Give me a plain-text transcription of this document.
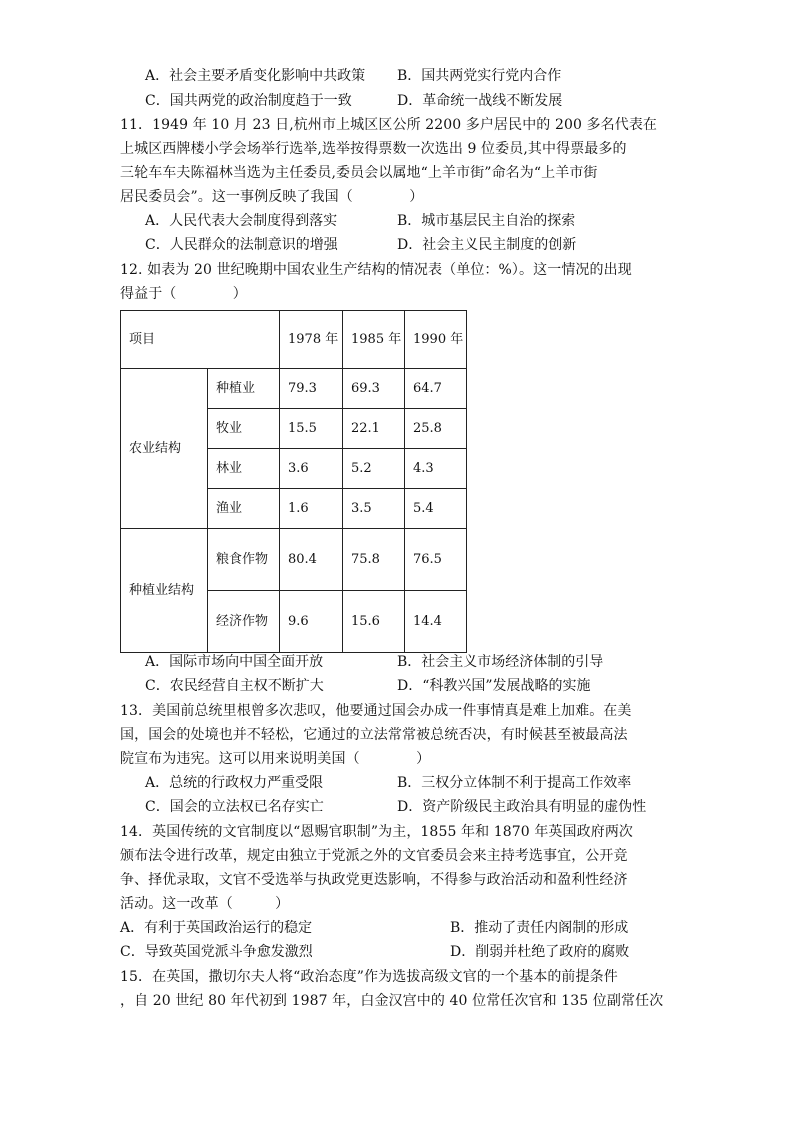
A．社会主要矛盾变化影响中共政策 B．国共两党实行党内合作
C．国共两党的政治制度趋于一致	D．革命统一战线不断发展
11．1949 年 10 月 23 日,杭州市上城区区公所 2200 多户居民中的 200 多名代表在
上城区西牌楼小学会场举行选举,选举按得票数一次选出 9 位委员,其中得票最多的
三轮车车夫陈福林当选为主任委员,委员会以属地“上羊市街”命名为“上羊市街
居民委员会”。这一事例反映了我国（　　　　）
A．人民代表大会制度得到落实	B．城市基层民主自治的探索
C．人民群众的法制意识的增强	D．社会主义民主制度的创新
12. 如表为 20 世纪晚期中国农业生产结构的情况表（单位：%）。这一情况的出现
得益于（　　　　）
项目		1978 年	1985 年	1990 年
农业结构	种植业	79.3	69.3	64.7
	牧业	15.5	22.1	25.8
	林业	3.6	5.2	4.3
	渔业	1.6	3.5	5.4
种植业结构	粮食作物	80.4	75.8	76.5
	经济作物	9.6	15.6	14.4
A．国际市场向中国全面开放	B．社会主义市场经济体制的引导
C．农民经营自主权不断扩大	D．“科教兴国”发展战略的实施
13．美国前总统里根曾多次悲叹，他要通过国会办成一件事情真是难上加难。在美
国，国会的处境也并不轻松，它通过的立法常常被总统否决，有时候甚至被最高法
院宣布为违宪。这可以用来说明美国（　　　　）
A．总统的行政权力严重受限	B．三权分立体制不利于提高工作效率
C．国会的立法权已名存实亡	D．资产阶级民主政治具有明显的虚伪性
14．英国传统的文官制度以“恩赐官职制”为主，1855 年和 1870 年英国政府两次
颁布法令进行改革，规定由独立于党派之外的文官委员会来主持考选事宜，公开竞
争、择优录取，文官不受选举与执政党更迭影响，不得参与政治活动和盈利性经济
活动。这一改革（　　　）
A．有利于英国政治运行的稳定	B．推动了责任内阁制的形成
C．导致英国党派斗争愈发激烈	D．削弱并杜绝了政府的腐败
15．在英国，撒切尔夫人将“政治态度”作为选拔高级文官的一个基本的前提条件
，自 20 世纪 80 年代初到 1987 年，白金汉宫中的 40 位常任次官和 135 位副常任次
